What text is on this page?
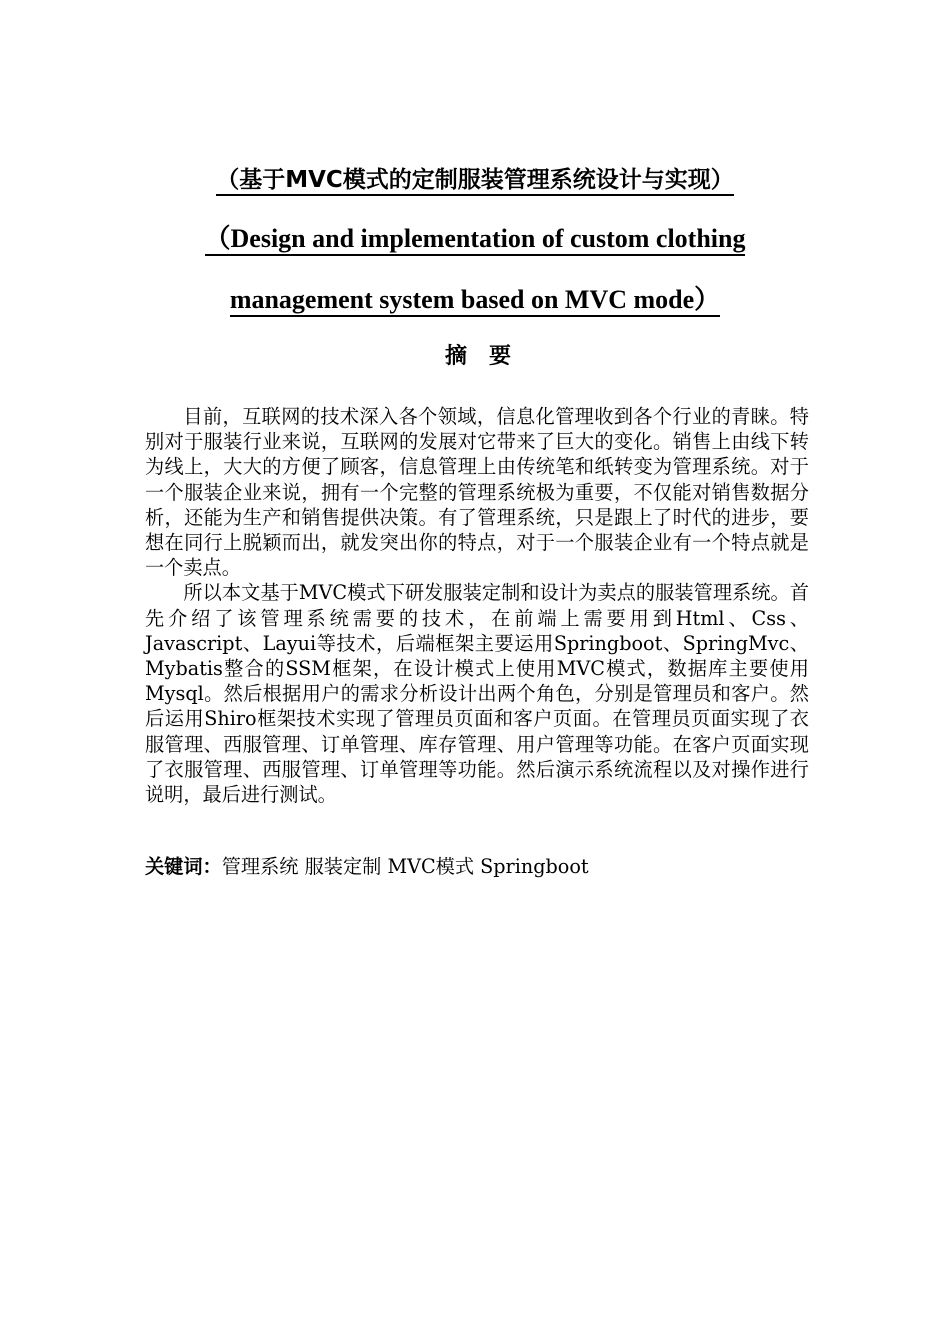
（基于MVC模式的定制服装管理系统设计与实现）
（Design and implementation of custom clothing
management system based on MVC mode）
摘要

目前，互联网的技术深入各个领域，信息化管理收到各个行业的青睐。特别对于服装行业来说，互联网的发展对它带来了巨大的变化。销售上由线下转为线上，大大的方便了顾客，信息管理上由传统笔和纸转变为管理系统。对于一个服装企业来说，拥有一个完整的管理系统极为重要，不仅能对销售数据分析，还能为生产和销售提供决策。有了管理系统，只是跟上了时代的进步，要想在同行上脱颖而出，就发突出你的特点，对于一个服装企业有一个特点就是一个卖点。

所以本文基于MVC模式下研发服装定制和设计为卖点的服装管理系统。首先介绍了该管理系统需要的技术，在前端上需要用到Html、Css、Javascript、Layui等技术，后端框架主要运用Springboot、SpringMvc、Mybatis整合的SSM框架，在设计模式上使用MVC模式，数据库主要使用Mysql。然后根据用户的需求分析设计出两个角色，分别是管理员和客户。然后运用Shiro框架技术实现了管理员页面和客户页面。在管理员页面实现了衣服管理、西服管理、订单管理、库存管理、用户管理等功能。在客户页面实现了衣服管理、西服管理、订单管理等功能。然后演示系统流程以及对操作进行说明，最后进行测试。

关键词：管理系统 服装定制 MVC模式 Springboot
